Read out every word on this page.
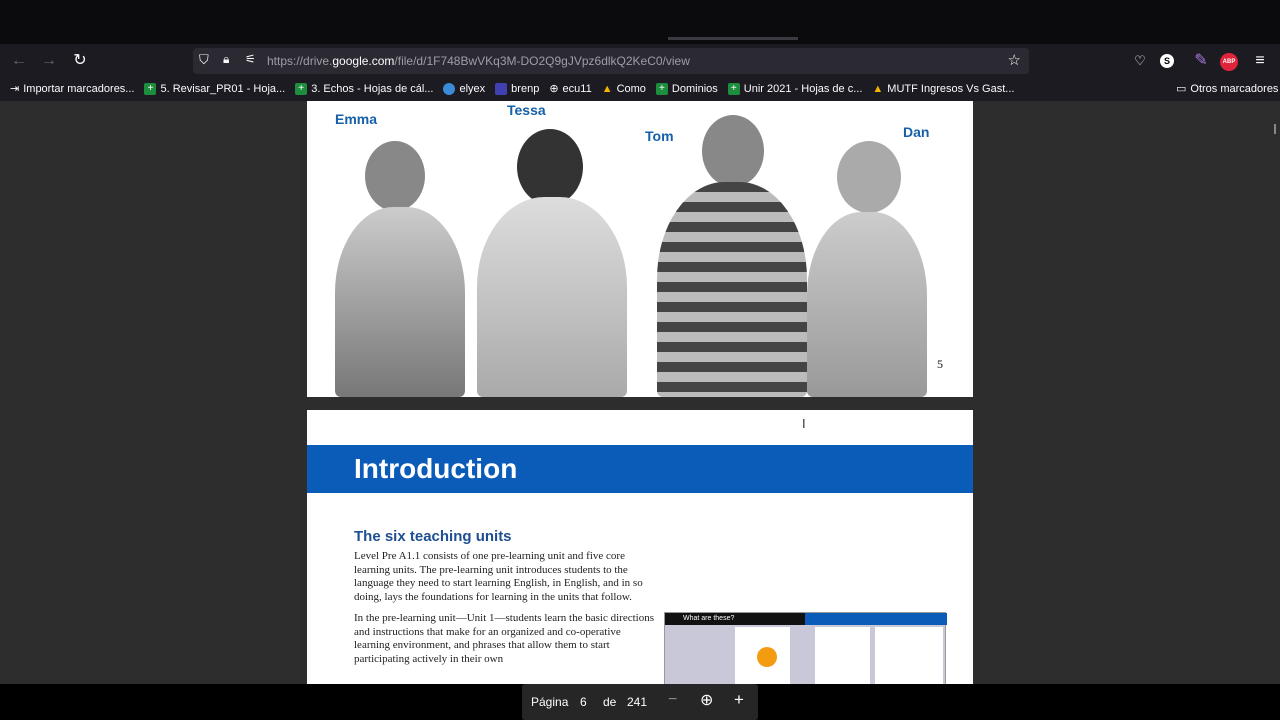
← → ↻	⛉ 🔒︎ ⚟ https://drive.google.com/file/d/1F748BwVKq3M-DO2Q9gJVpz6dlkQ2KeC0/view	☆	♡	S ✎	ABP	≡
⇥ Importar marcadores...	+ 5. Revisar_PR01 - Hoja...	+ 3. Echos - Hojas de cál... elyex brenp ⊕ ecu11 ▲ Como	+ Dominios	+ Unir 2021 - Hojas de c... ▲ MUTF Ingresos Vs Gast...	▭ Otros marcadores
Emma
Tessa
Tom	Dan
5
Introduction
The six teaching units
Level Pre A1.1 consists of one pre-learning unit and five core learning units. The pre-learning unit introduces students to the language they need to start learning English, in English, and in so doing, lays the foundations for learning in the units that follow.
In the pre-learning unit—Unit 1—students learn the basic directions and instructions that make for an organized and co-operative learning environment, and phrases that allow them to start participating actively in their own
What are these?
Página 6 de 241 − ⊕ +
I
